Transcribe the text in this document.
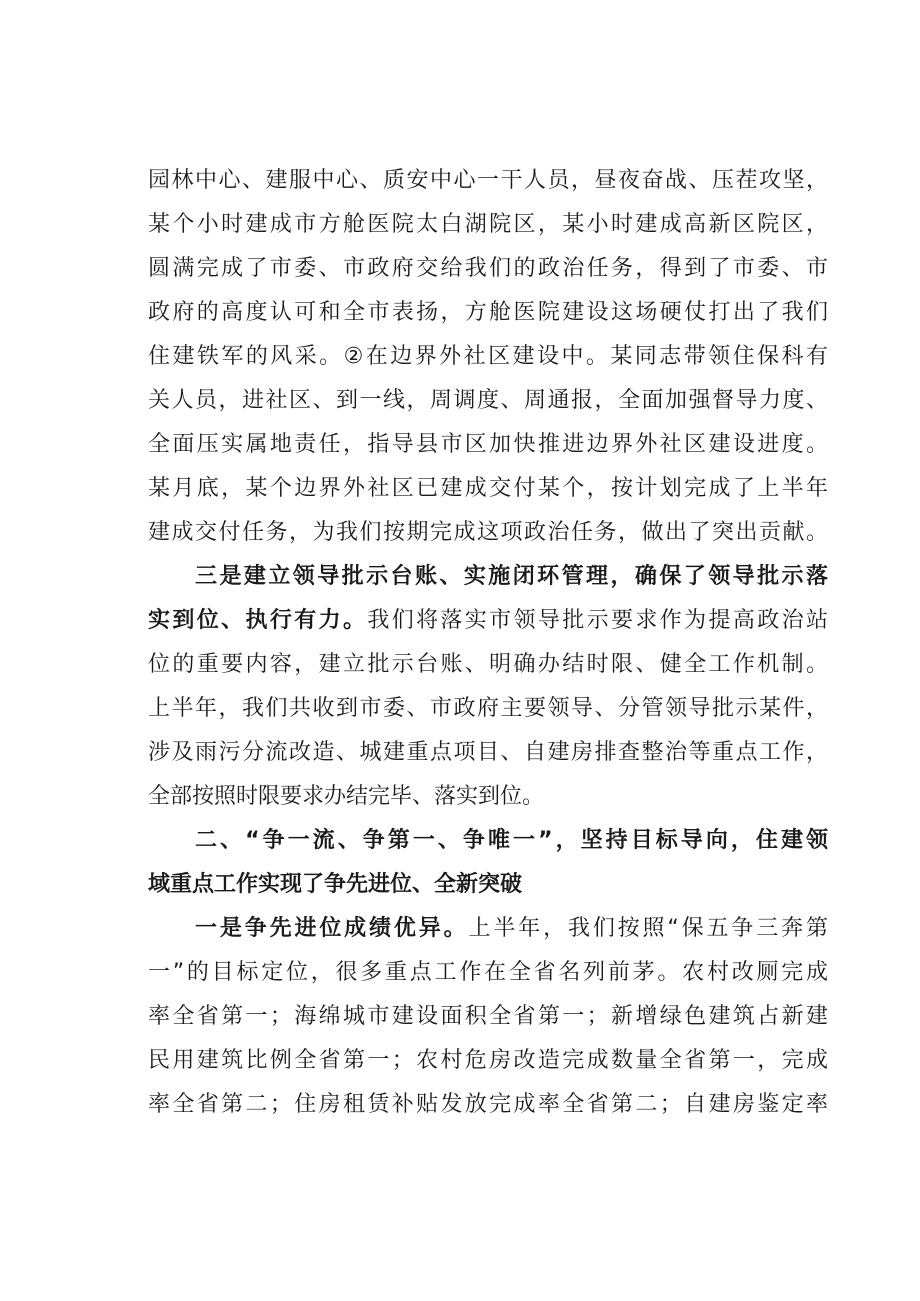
园林中心、建服中心、质安中心一干人员，昼夜奋战、压茬攻坚，
某个小时建成市方舱医院太白湖院区，某小时建成高新区院区，
圆满完成了市委、市政府交给我们的政治任务，得到了市委、市
政府的高度认可和全市表扬，方舱医院建设这场硬仗打出了我们
住建铁军的风采。②在边界外社区建设中。某同志带领住保科有
关人员，进社区、到一线，周调度、周通报，全面加强督导力度、
全面压实属地责任，指导县市区加快推进边界外社区建设进度。
某月底，某个边界外社区已建成交付某个，按计划完成了上半年
建成交付任务，为我们按期完成这项政治任务，做出了突出贡献。
三是建立领导批示台账、实施闭环管理，确保了领导批示落
实到位、执行有力。我们将落实市领导批示要求作为提高政治站
位的重要内容，建立批示台账、明确办结时限、健全工作机制。
上半年，我们共收到市委、市政府主要领导、分管领导批示某件，
涉及雨污分流改造、城建重点项目、自建房排查整治等重点工作，
全部按照时限要求办结完毕、落实到位。
二、“争一流、争第一、争唯一”，坚持目标导向，住建领
域重点工作实现了争先进位、全新突破
一是争先进位成绩优异。上半年，我们按照“保五争三奔第
一”的目标定位，很多重点工作在全省名列前茅。农村改厕完成
率全省第一；海绵城市建设面积全省第一；新增绿色建筑占新建
民用建筑比例全省第一；农村危房改造完成数量全省第一，完成
率全省第二；住房租赁补贴发放完成率全省第二；自建房鉴定率
